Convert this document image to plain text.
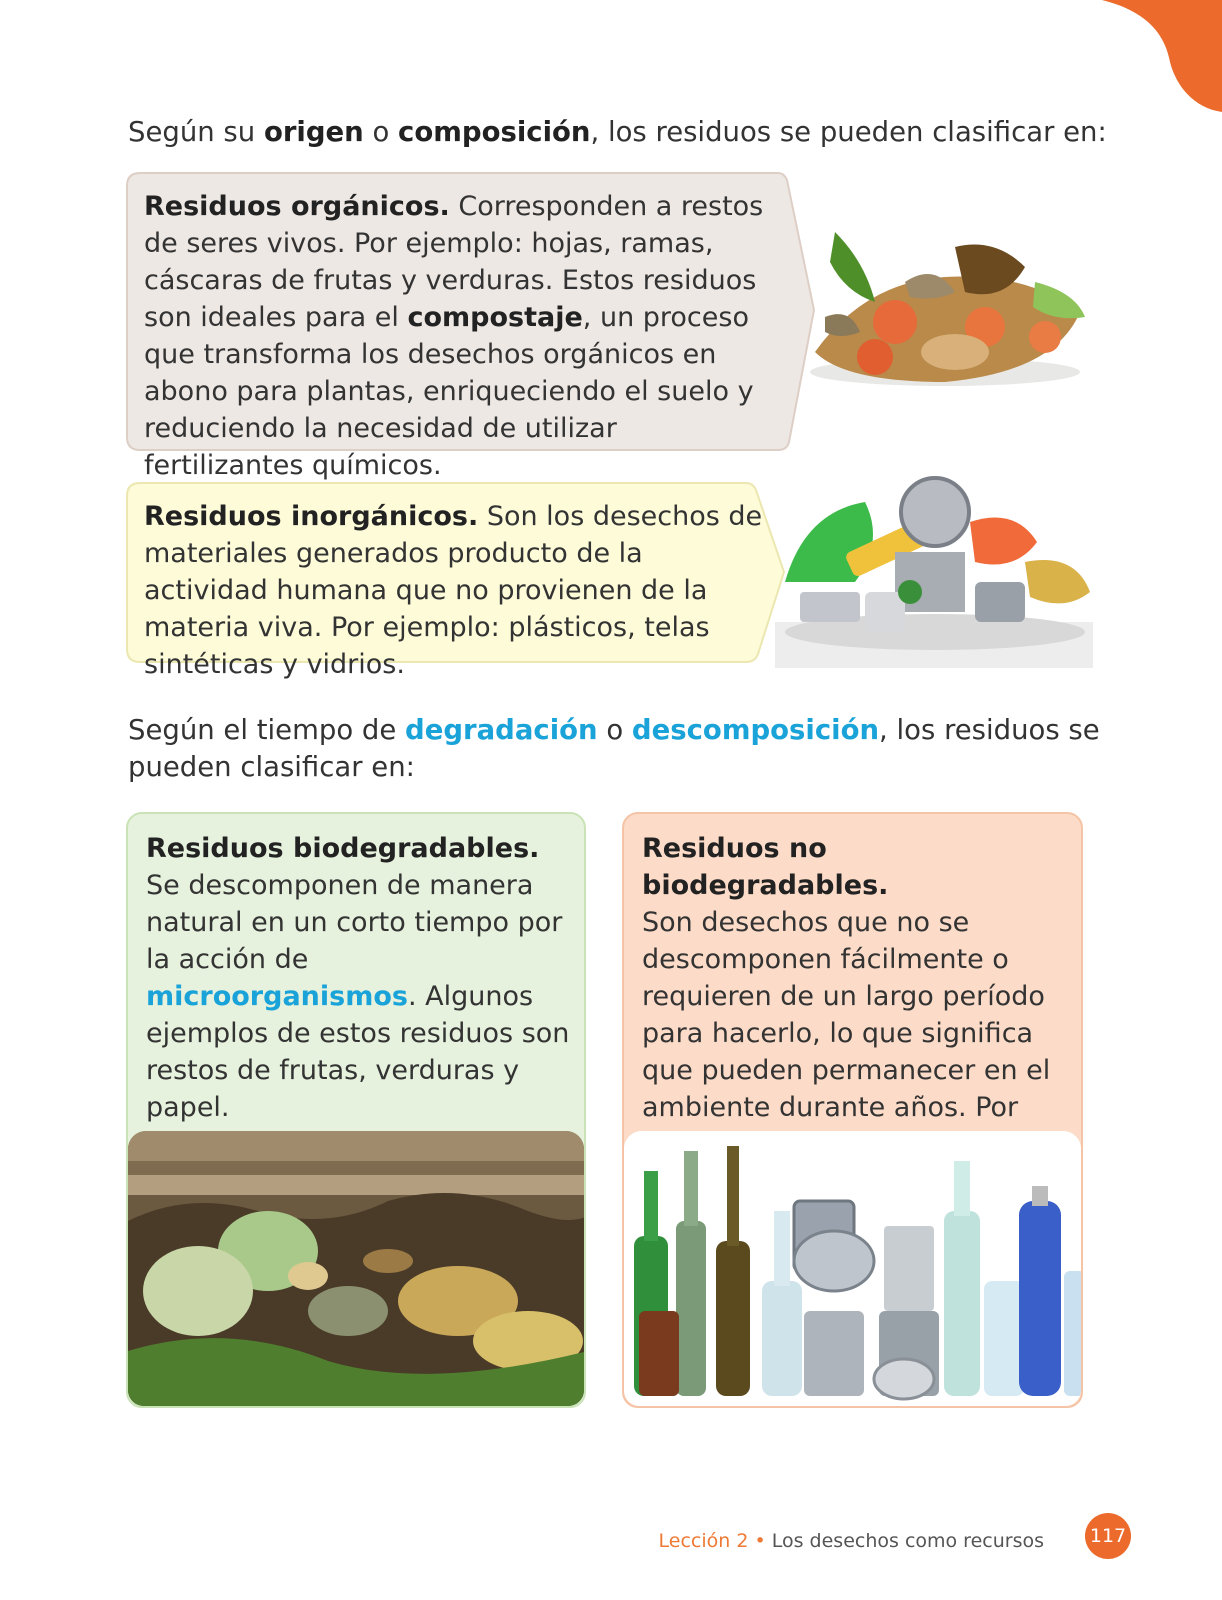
Según su origen o composición, los residuos se pueden clasificar en:

Residuos orgánicos. Corresponden a restos de seres vivos. Por ejemplo: hojas, ramas, cáscaras de frutas y verduras. Estos residuos son ideales para el compostaje, un proceso que transforma los desechos orgánicos en abono para plantas, enriqueciendo el suelo y reduciendo la necesidad de utilizar fertilizantes químicos.

Residuos inorgánicos. Son los desechos de materiales generados producto de la actividad humana que no provienen de la materia viva. Por ejemplo: plásticos, telas sintéticas y vidrios.

Según el tiempo de degradación o descomposición, los residuos se pueden clasificar en:

Residuos biodegradables.
Se descomponen de manera natural en un corto tiempo por la acción de microorganismos. Algunos ejemplos de estos residuos son restos de frutas, verduras y papel.

Residuos no biodegradables.
Son desechos que no se descomponen fácilmente o requieren de un largo período para hacerlo, lo que significa que pueden permanecer en el ambiente durante años. Por

Lección 2 • Los desechos como recursos 117
